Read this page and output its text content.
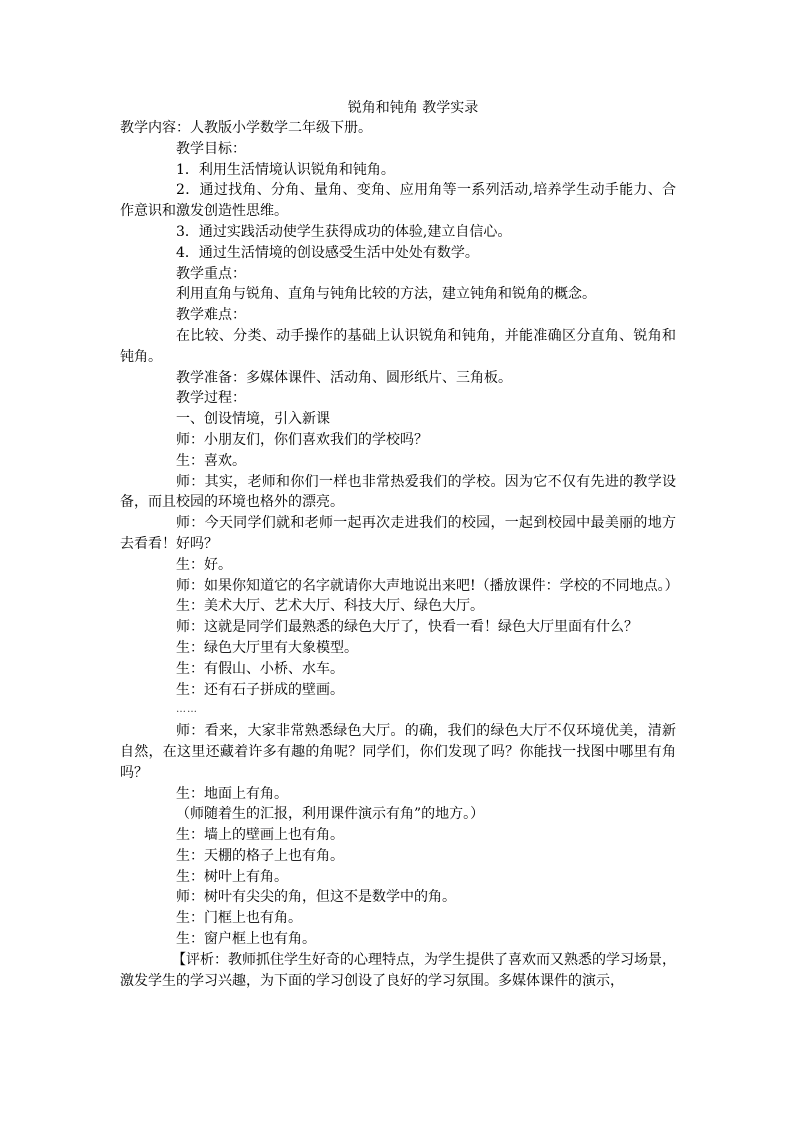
锐角和钝角 教学实录

教学内容：人教版小学数学二年级下册。

教学目标：

1．利用生活情境认识锐角和钝角。

2．通过找角、分角、量角、变角、应用角等一系列活动,培养学生动手能力、合作意识和激发创造性思维。

3．通过实践活动使学生获得成功的体验,建立自信心。

4．通过生活情境的创设感受生活中处处有数学。

教学重点：

利用直角与锐角、直角与钝角比较的方法，建立钝角和锐角的概念。

教学难点：

在比较、分类、动手操作的基础上认识锐角和钝角，并能准确区分直角、锐角和钝角。

教学准备：多媒体课件、活动角、圆形纸片、三角板。

教学过程：

一、创设情境，引入新课

师：小朋友们，你们喜欢我们的学校吗？

生：喜欢。

师：其实，老师和你们一样也非常热爱我们的学校。因为它不仅有先进的教学设备，而且校园的环境也格外的漂亮。

师：今天同学们就和老师一起再次走进我们的校园，一起到校园中最美丽的地方去看看！好吗？

生：好。

师：如果你知道它的名字就请你大声地说出来吧!（播放课件：学校的不同地点。）

生：美术大厅、艺术大厅、科技大厅、绿色大厅。

师：这就是同学们最熟悉的绿色大厅了，快看一看！绿色大厅里面有什么？

生：绿色大厅里有大象模型。

生：有假山、小桥、水车。

生：还有石子拼成的壁画。

……

师：看来，大家非常熟悉绿色大厅。的确，我们的绿色大厅不仅环境优美，清新自然，在这里还藏着许多有趣的角呢？同学们，你们发现了吗？你能找一找图中哪里有角吗？

生：地面上有角。

（师随着生的汇报，利用课件演示有角”的地方。）

生：墙上的壁画上也有角。

生：天棚的格子上也有角。

生：树叶上有角。

师：树叶有尖尖的角，但这不是数学中的角。

生：门框上也有角。

生：窗户框上也有角。

【评析：教师抓住学生好奇的心理特点，为学生提供了喜欢而又熟悉的学习场景，激发学生的学习兴趣，为下面的学习创设了良好的学习氛围。多媒体课件的演示，
